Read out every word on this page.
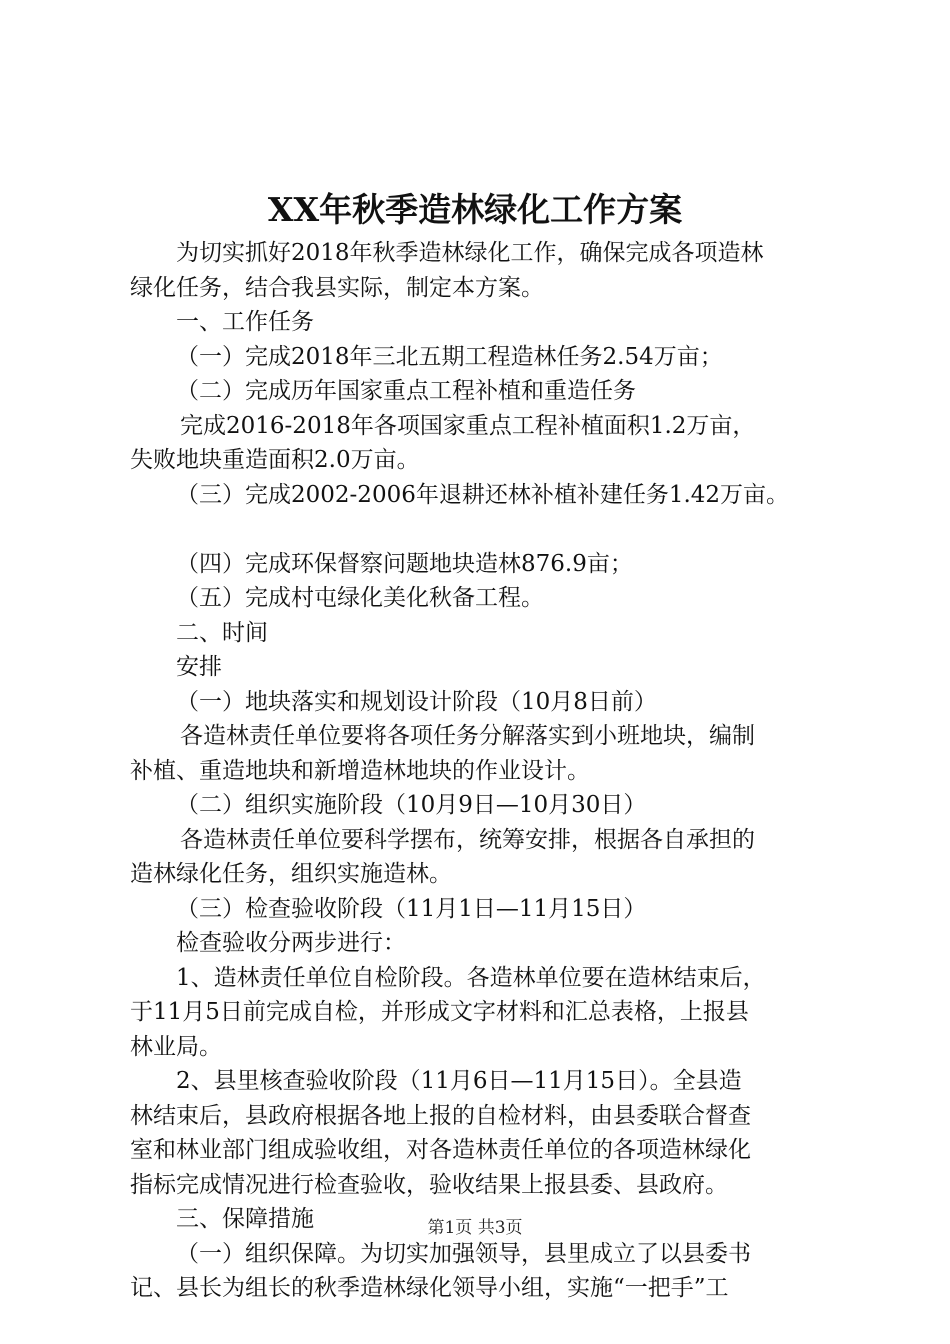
XX年秋季造林绿化工作方案

为切实抓好2018年秋季造林绿化工作，确保完成各项造林

绿化任务，结合我县实际，制定本方案。

一、工作任务

（一）完成2018年三北五期工程造林任务2.54万亩；

（二）完成历年国家重点工程补植和重造任务

完成2016-2018年各项国家重点工程补植面积1.2万亩，

失败地块重造面积2.0万亩。

（三）完成2002-2006年退耕还林补植补建任务1.42万亩。

（四）完成环保督察问题地块造林876.9亩；

（五）完成村屯绿化美化秋备工程。

二、时间

安排

（一）地块落实和规划设计阶段（10月8日前）

各造林责任单位要将各项任务分解落实到小班地块，编制

补植、重造地块和新增造林地块的作业设计。

（二）组织实施阶段（10月9日—10月30日）

各造林责任单位要科学摆布，统筹安排，根据各自承担的

造林绿化任务，组织实施造林。

（三）检查验收阶段（11月1日—11月15日）

检查验收分两步进行：

1、造林责任单位自检阶段。各造林单位要在造林结束后，

于11月5日前完成自检，并形成文字材料和汇总表格，上报县

林业局。

2、县里核查验收阶段（11月6日—11月15日）。全县造

林结束后，县政府根据各地上报的自检材料，由县委联合督查

室和林业部门组成验收组，对各造林责任单位的各项造林绿化

指标完成情况进行检查验收，验收结果上报县委、县政府。

三、保障措施

（一）组织保障。为切实加强领导，县里成立了以县委书

记、县长为组长的秋季造林绿化领导小组，实施“一把手”工

第1页 共3页
